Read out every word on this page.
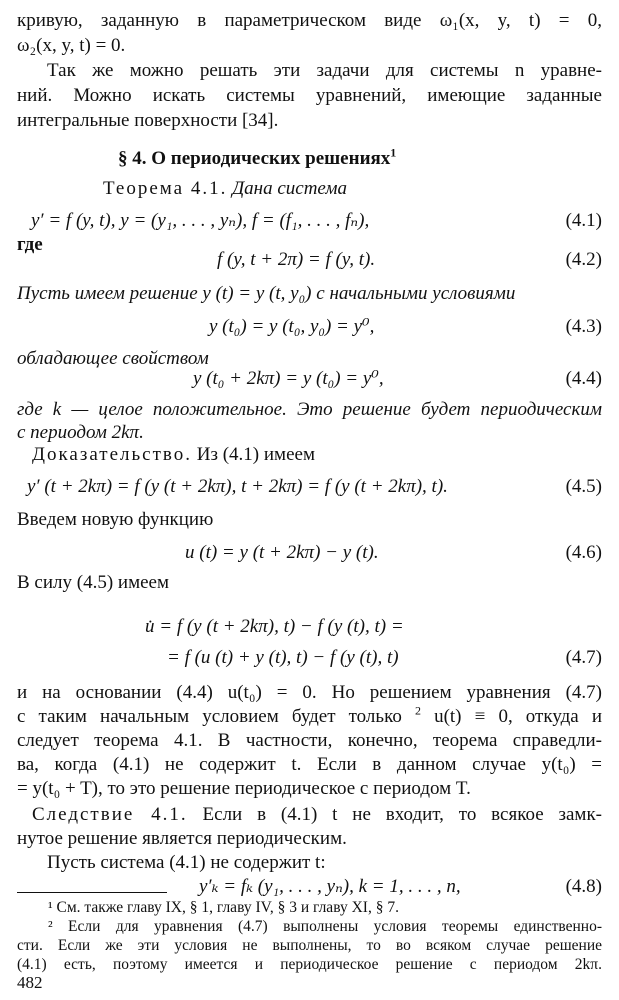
кривую, заданную в параметрическом виде ω₁(x, y, t) = 0,
ω₂(x, y, t) = 0.
Так же можно решать эти задачи для системы n уравне-
ний. Можно искать системы уравнений, имеющие заданные
интегральные поверхности [34].
§ 4. О периодических решениях$^1$
Теорема 4.1. Дана система
y′ = f (y, t), y = (y₁, . . . , yₙ), f = (f₁, . . . , fₙ),	(4.1)
где
f (y, t + 2π) = f (y, t).	(4.2)
Пусть имеем решение y (t) = y (t, y₀) с начальными условиями
y (t₀) = y (t₀, y₀) = y⁰,	(4.3)
обладающее свойством
y (t₀ + 2kπ) = y (t₀) = y⁰,	(4.4)
где k — целое положительное. Это решение будет периодическим
с периодом 2kπ.
Доказательство. Из (4.1) имеем
y′ (t + 2kπ) = f (y (t + 2kπ), t + 2kπ) = f (y (t + 2kπ), t).	(4.5)
Введем новую функцию
u (t) = y (t + 2kπ) − y (t).	(4.6)
В силу (4.5) имеем
u̇ = f (y (t + 2kπ), t) − f (y (t), t) =
= f (u (t) + y (t), t) − f (y (t), t)	(4.7)
и на основании (4.4) u(t₀) = 0. Но решением уравнения (4.7)
с таким начальным условием будет только $^2$ u(t) ≡ 0, откуда и
следует теорема 4.1. В частности, конечно, теорема справедли-
ва, когда (4.1) не содержит t. Если в данном случае y(t₀) =
= y(t₀ + T), то это решение периодическое с периодом T.
Следствие 4.1. Если в (4.1) t не входит, то всякое замк-
нутое решение является периодическим.
Пусть система (4.1) не содержит t:
y′ₖ = fₖ (y₁, . . . , yₙ), k = 1, . . . , n,	(4.8)
¹ См. также главу IX, § 1, главу IV, § 3 и главу XI, § 7.
² Если для уравнения (4.7) выполнены условия теоремы единственно-
сти. Если же эти условия не выполнены, то во всяком случае решение
(4.1) есть, поэтому имеется и периодическое решение с периодом 2kπ.
482
